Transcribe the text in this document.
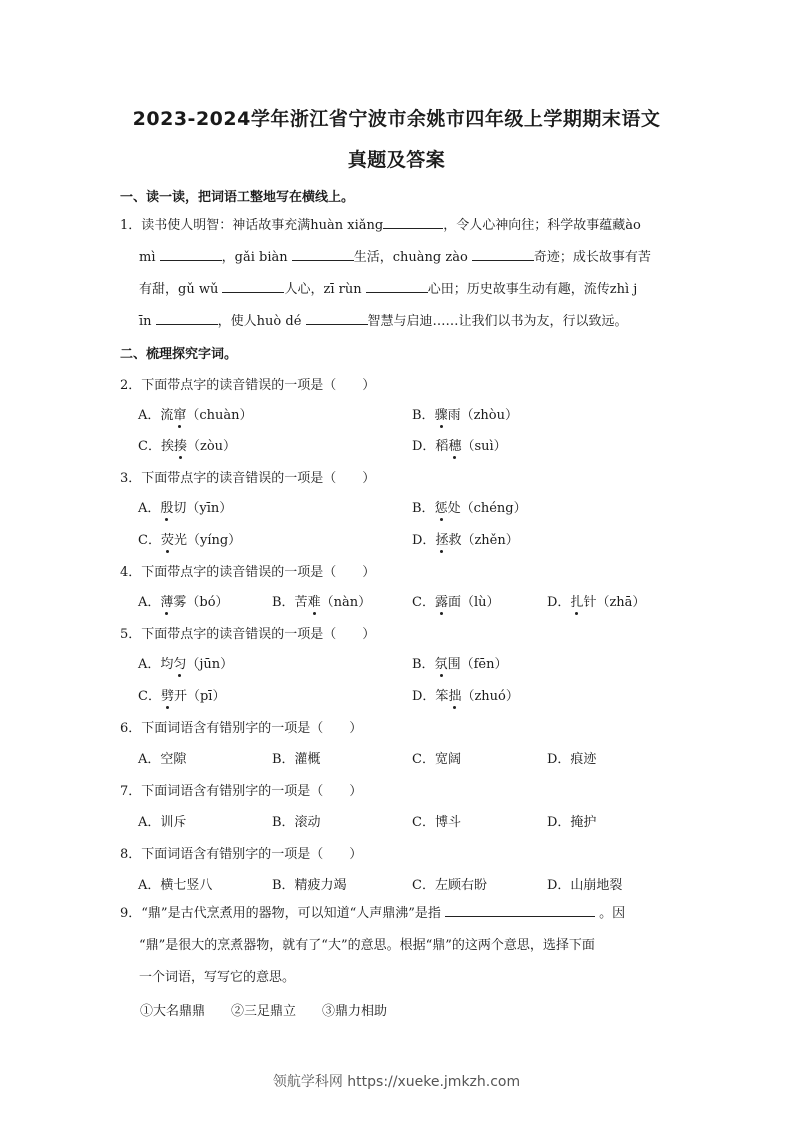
2023-2024学年浙江省宁波市余姚市四年级上学期期末语文
真题及答案
一、读一读，把词语工整地写在横线上。
1．读书使人明智：神话故事充满huàn xiǎng	，令人心神向往；科学故事蕴藏ào

mì	，gǎi biàn	生活，chuàng zào	奇迹；成长故事有苦
有甜，gǔ wǔ	人心，zī rùn	心田；历史故事生动有趣，流传zhì j
īn	，使人huò dé	智慧与启迪……让我们以书为友，行以致远。
二、梳理探究字词。
2．下面带点字的读音错误的一项是（　　）
A．流窜（chuàn）	B．骤雨（zhòu）
C．挨揍（zòu）	D．稻穗（suì）
3．下面带点字的读音错误的一项是（　　）
A．殷切（yīn）	B．惩处（chéng）
C．荧光（yíng）	D．拯救（zhěn）
4．下面带点字的读音错误的一项是（　　）
A．薄雾（bó）	B．苦难（nàn）	C．露面（lù）	D．扎针（zhā）
5．下面带点字的读音错误的一项是（　　）
A．均匀（jūn）	B．氛围（fēn）
C．劈开（pī）	D．笨拙（zhuó）
6．下面词语含有错别字的一项是（　　）
A．空隙	B．灌概	C．宽阔	D．痕迹
7．下面词语含有错别字的一项是（　　）
A．训斥	B．滚动	C．博斗	D．掩护
8．下面词语含有错别字的一项是（　　）
A．横七竖八	B．精疲力竭	C．左顾右盼	D．山崩地裂
9．“鼎”是古代烹煮用的器物，可以知道“人声鼎沸”是指	。因

“鼎”是很大的烹煮器物，就有了“大”的意思。根据“鼎”的这两个意思，选择下面
一个词语，写写它的意思。
①大名鼎鼎　　②三足鼎立　　③鼎力相助
领航学科网 https://xueke.jmkzh.com
